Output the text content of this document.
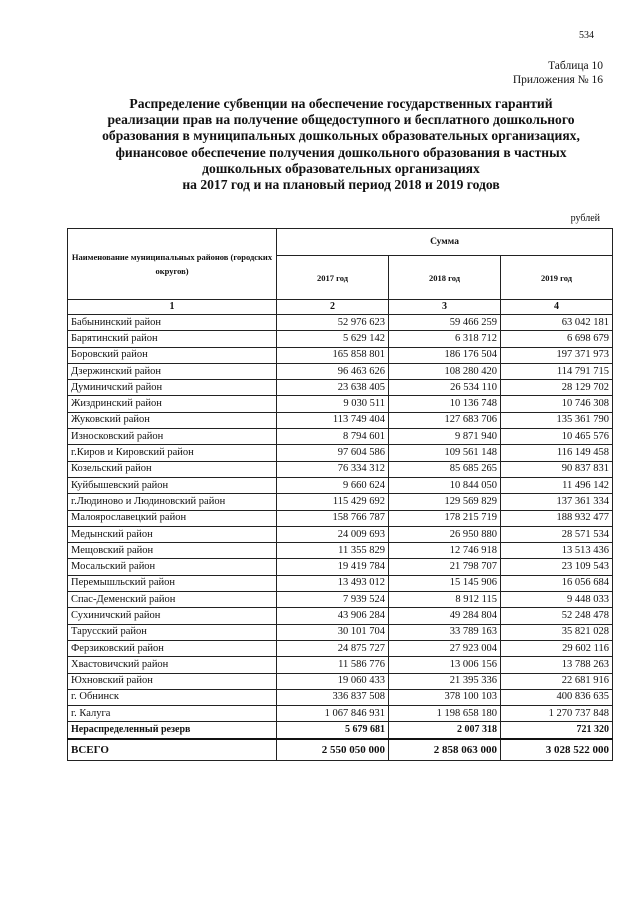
534
Таблица 10
Приложения № 16
Распределение субвенции на обеспечение государственных гарантий
реализации прав на получение общедоступного и бесплатного дошкольного
образования в муниципальных дошкольных образовательных организациях,
финансовое обеспечение получения дошкольного образования в частных
дошкольных образовательных организациях
на 2017 год и на плановый период 2018 и 2019 годов
рублей
Наименование муниципальных районов (городских округов)	Сумма		
	2017 год	2018 год	2019 год
1	2	3	4
Бабынинский район	52 976 623	59 466 259	63 042 181
Барятинский район	5 629 142	6 318 712	6 698 679
Боровский район	165 858 801	186 176 504	197 371 973
Дзержинский район	96 463 626	108 280 420	114 791 715
Думиничский район	23 638 405	26 534 110	28 129 702
Жиздринский район	9 030 511	10 136 748	10 746 308
Жуковский район	113 749 404	127 683 706	135 361 790
Износковский район	8 794 601	9 871 940	10 465 576
г.Киров и Кировский район	97 604 586	109 561 148	116 149 458
Козельский район	76 334 312	85 685 265	90 837 831
Куйбышевский район	9 660 624	10 844 050	11 496 142
г.Людиново и Людиновский район	115 429 692	129 569 829	137 361 334
Малоярославецкий район	158 766 787	178 215 719	188 932 477
Медынский район	24 009 693	26 950 880	28 571 534
Мещовский район	11 355 829	12 746 918	13 513 436
Мосальский район	19 419 784	21 798 707	23 109 543
Перемышльский район	13 493 012	15 145 906	16 056 684
Спас-Деменский район	7 939 524	8 912 115	9 448 033
Сухиничский район	43 906 284	49 284 804	52 248 478
Тарусский район	30 101 704	33 789 163	35 821 028
Ферзиковский район	24 875 727	27 923 004	29 602 116
Хвастовичский район	11 586 776	13 006 156	13 788 263
Юхновский район	19 060 433	21 395 336	22 681 916
г. Обнинск	336 837 508	378 100 103	400 836 635
г. Калуга	1 067 846 931	1 198 658 180	1 270 737 848
Нераспределенный резерв	5 679 681	2 007 318	721 320
ВСЕГО	2 550 050 000	2 858 063 000	3 028 522 000
